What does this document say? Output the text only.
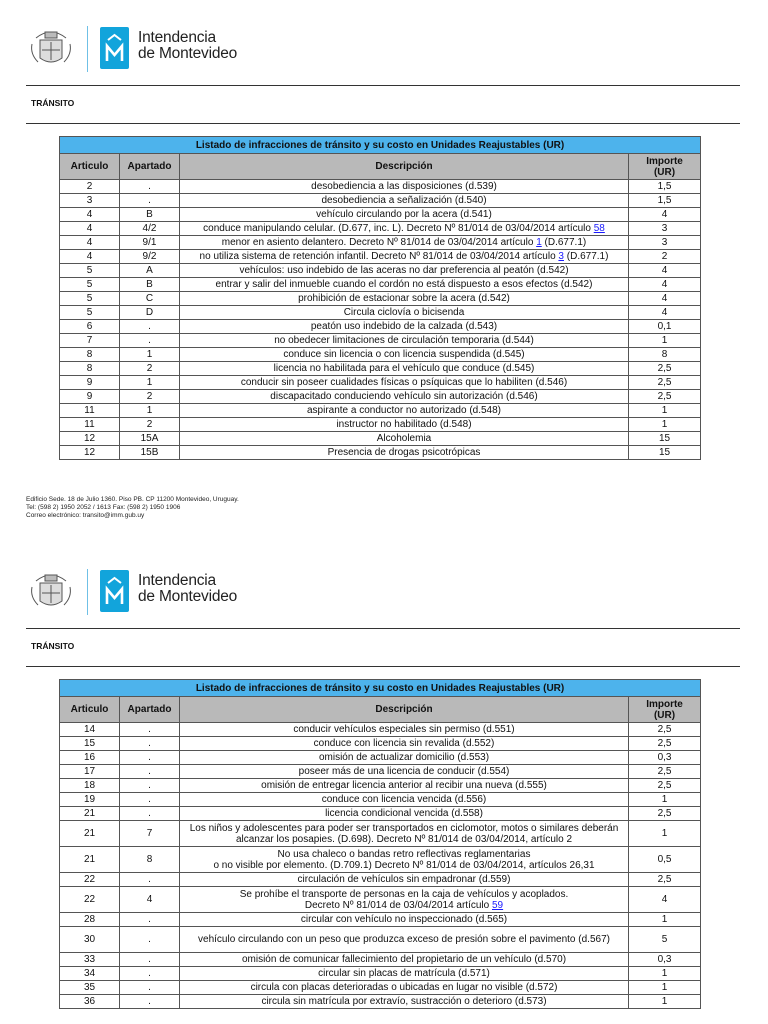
Intendencia
de Montevideo
TRÁNSITO
Listado de infracciones de tránsito y su costo en Unidades Reajustables (UR)			
Articulo	Apartado	Descripción	Importe
(UR)
2	.	desobediencia a las disposiciones (d.539)	1,5
3	.	desobediencia a señalización (d.540)	1,5
4	B	vehículo circulando por la acera (d.541)	4
4	4/2	conduce manipulando celular. (D.677, inc. L). Decreto Nº 81/014 de 03/04/2014 artículo 58	3
4	9/1	menor en asiento delantero. Decreto Nº 81/014 de 03/04/2014 artículo 1 (D.677.1)	3
4	9/2	no utiliza sistema de retención infantil. Decreto Nº 81/014 de 03/04/2014 artículo 3 (D.677.1)	2
5	A	vehículos: uso indebido de las aceras no dar preferencia al peatón (d.542)	4
5	B	entrar y salir del inmueble cuando el cordón no está dispuesto a esos efectos (d.542)	4
5	C	prohibición de estacionar sobre la acera (d.542)	4
5	D	Circula ciclovía o bicisenda	4
6	.	peatón uso indebido de la calzada (d.543)	0,1
7	.	no obedecer limitaciones de circulación temporaria (d.544)	1
8	1	conduce sin licencia o con licencia suspendida (d.545)	8
8	2	licencia no habilitada para el vehículo que conduce (d.545)	2,5
9	1	conducir sin poseer cualidades físicas o psíquicas que lo habiliten (d.546)	2,5
9	2	discapacitado conduciendo vehículo sin autorización (d.546)	2,5
11	1	aspirante a conductor no autorizado (d.548)	1
11	2	instructor no habilitado (d.548)	1
12	15A	Alcoholemia	15
12	15B	Presencia de drogas psicotrópicas	15
Edificio Sede. 18 de Julio 1360. Piso PB. CP 11200 Montevideo, Uruguay.
Tel: (598 2) 1950 2052 / 1613 Fax: (598 2) 1950 1906
Correo electrónico: transito@imm.gub.uy
Intendencia
de Montevideo
TRÁNSITO
Listado de infracciones de tránsito y su costo en Unidades Reajustables (UR)			
Articulo	Apartado	Descripción	Importe
(UR)
14	.	conducir vehículos especiales sin permiso (d.551)	2,5
15	.	conduce con licencia sin revalida (d.552)	2,5
16	.	omisión de actualizar domicilio (d.553)	0,3
17	.	poseer más de una licencia de conducir (d.554)	2,5
18	.	omisión de entregar licencia anterior al recibir una nueva (d.555)	2,5
19	.	conduce con licencia vencida (d.556)	1
21	.	licencia condicional vencida (d.558)	2,5
21	7	Los niños y adolescentes para poder ser transportados en ciclomotor, motos o similares deberán alcanzar los posapies. (D.698). Decreto Nº 81/014 de 03/04/2014, artículo 2	1
21	8	No usa chaleco o bandas retro reflectivas reglamentarias
o no visible por elemento. (D.709.1) Decreto Nº 81/014 de 03/04/2014, artículos 26,31	0,5
22	.	circulación de vehículos sin empadronar (d.559)	2,5
22	4	Se prohíbe el transporte de personas en la caja de vehículos y acoplados.
Decreto Nº 81/014 de 03/04/2014 artículo 59	4
28	.	circular con vehículo no inspeccionado (d.565)	1
30	.	vehículo circulando con un peso que produzca exceso de presión sobre el pavimento (d.567)	5
33	.	omisión de comunicar fallecimiento del propietario de un vehículo (d.570)	0,3
34	.	circular sin placas de matrícula (d.571)	1
35	.	circula con placas deterioradas o ubicadas en lugar no visible (d.572)	1
36	.	circula sin matrícula por extravío, sustracción o deterioro (d.573)	1
